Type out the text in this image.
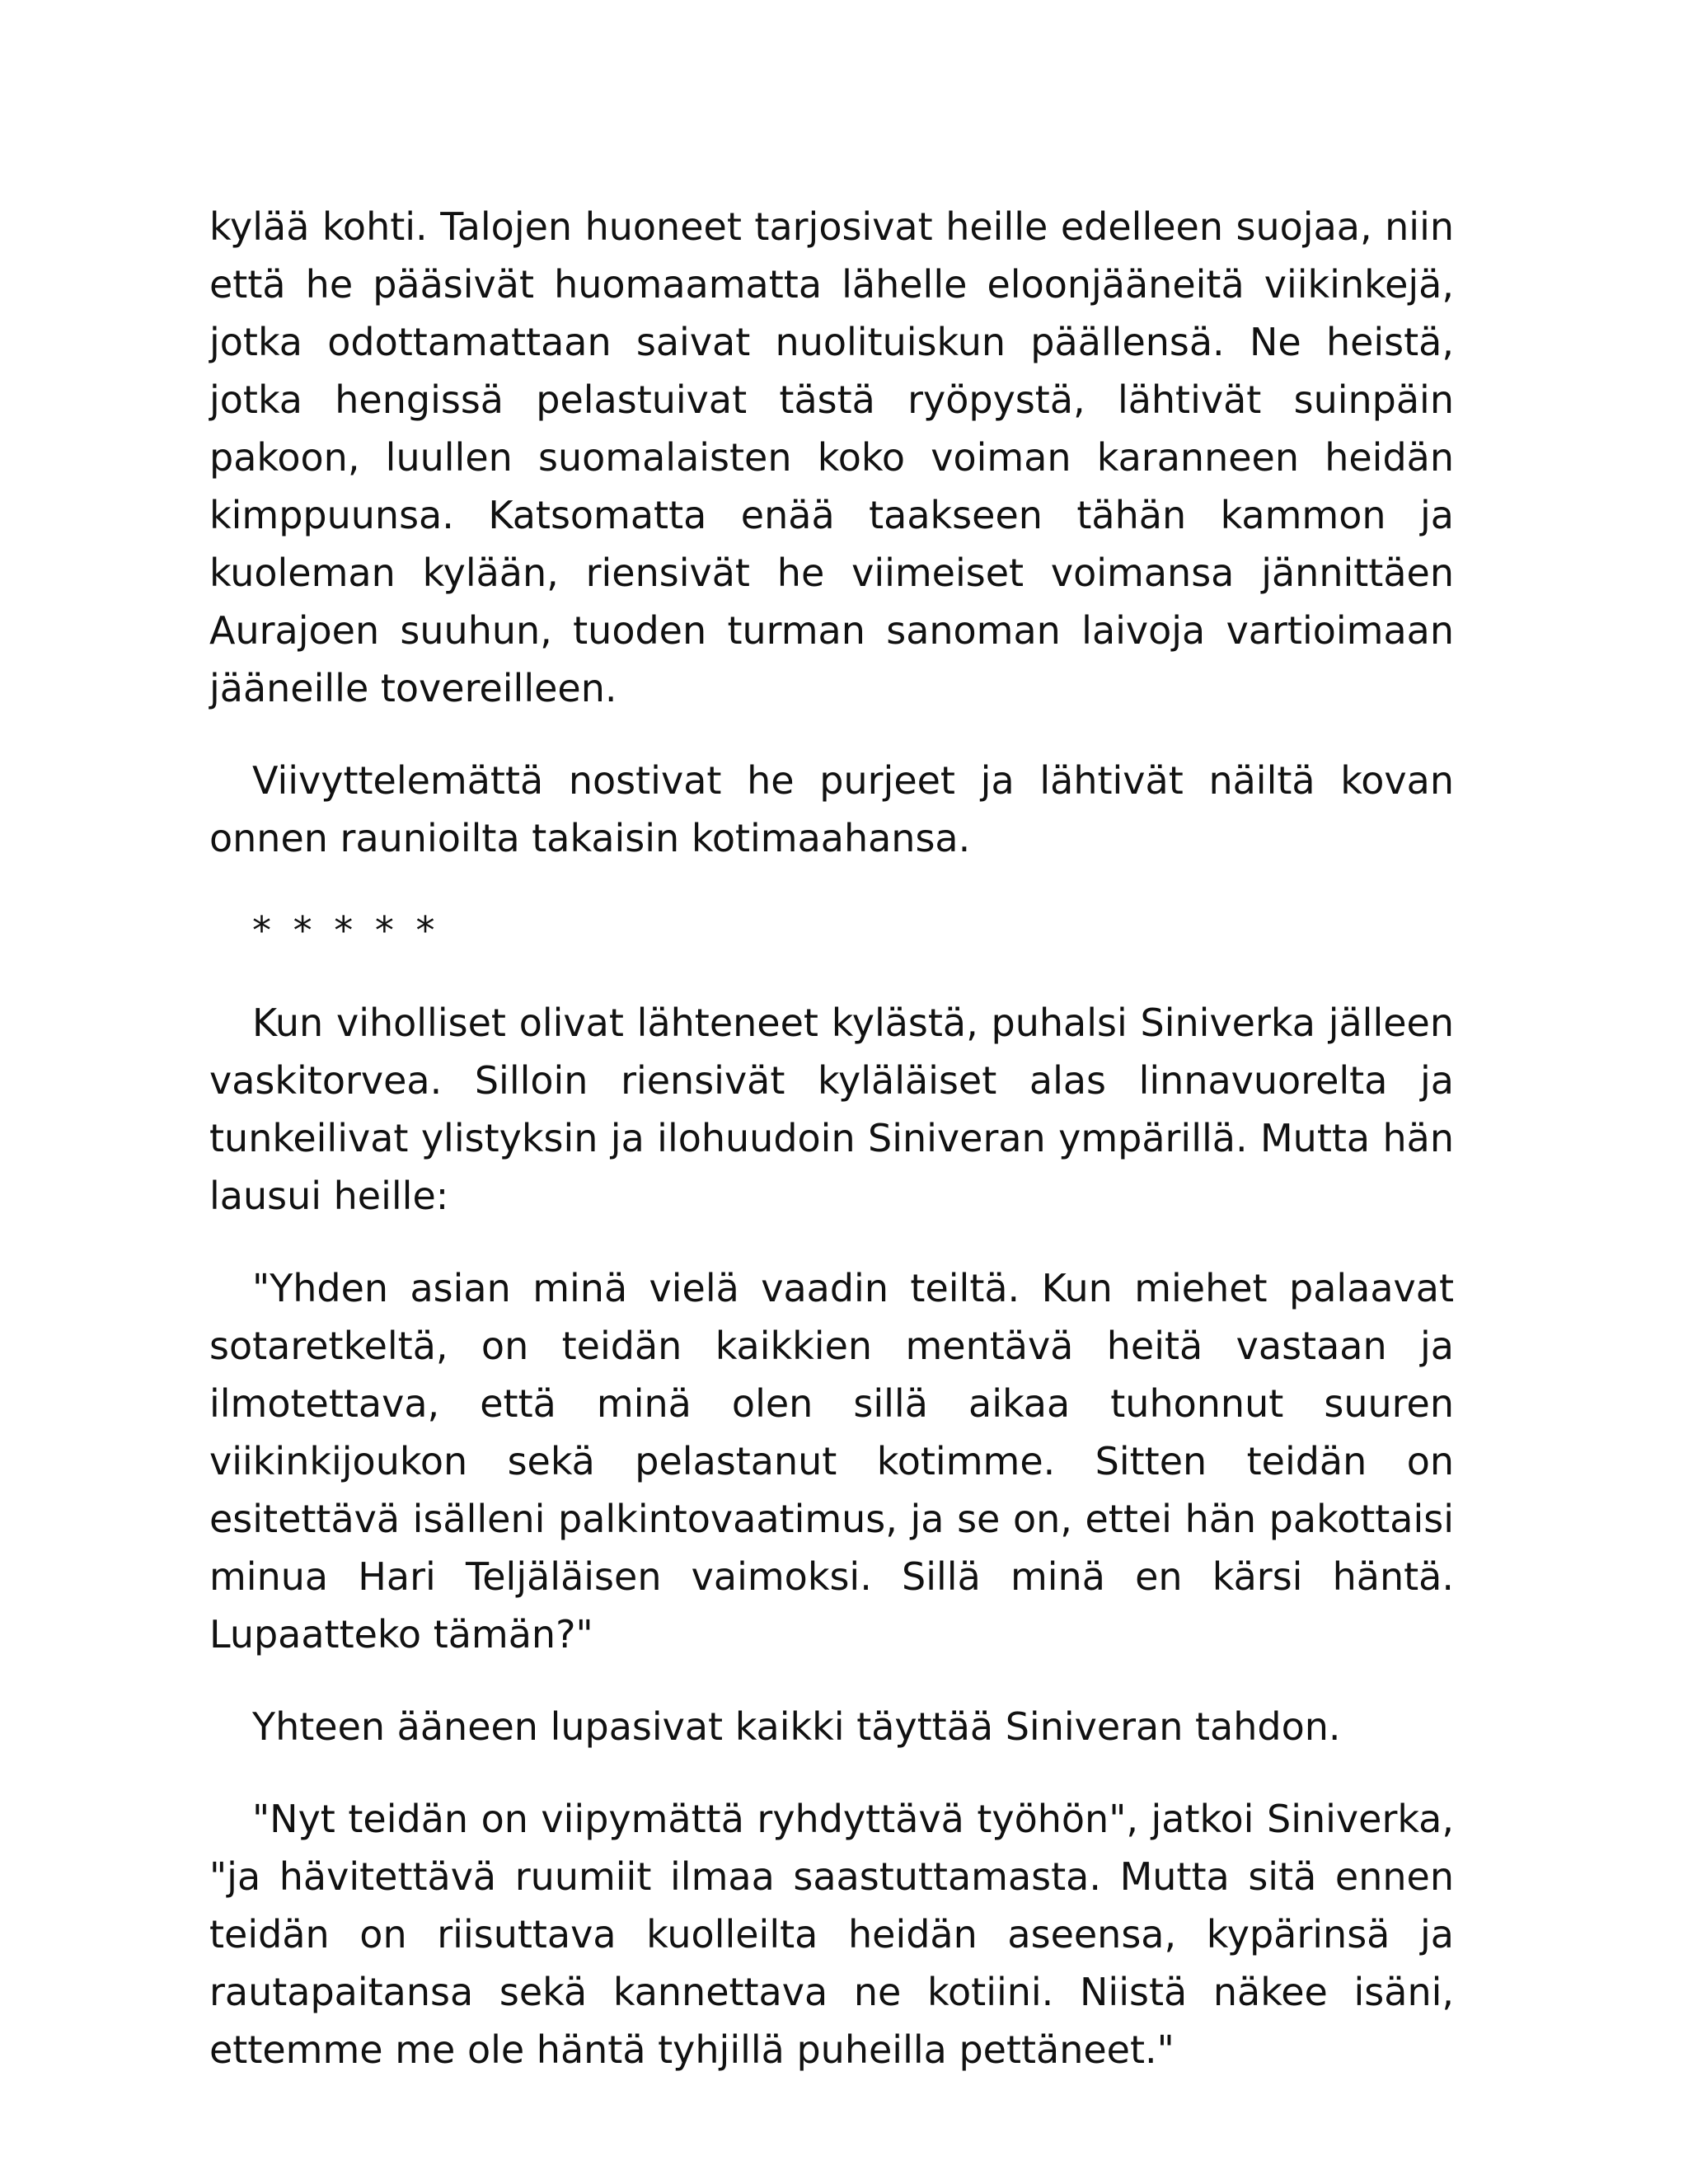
kylää kohti. Talojen huoneet tarjosivat heille edelleen suojaa, niin että he pääsivät huomaamatta lähelle eloonjääneitä viikinkejä, jotka odottamattaan saivat nuolituiskun päällensä. Ne heistä, jotka hengissä pelastuivat tästä ryöpystä, lähtivät suinpäin pakoon, luullen suomalaisten koko voiman karanneen heidän kimppuunsa. Katsomatta enää taakseen tähän kammon ja kuoleman kylään, riensivät he viimeiset voimansa jännittäen Aurajoen suuhun, tuoden turman sanoman laivoja vartioimaan jääneille tovereilleen.

Viivyttelemättä nostivat he purjeet ja lähtivät näiltä kovan onnen raunioilta takaisin kotimaahansa.

* * * * *

Kun viholliset olivat lähteneet kylästä, puhalsi Siniverka jälleen vaskitorvea. Silloin riensivät kyläläiset alas linnavuorelta ja tunkeilivat ylistyksin ja ilohuudoin Siniveran ympärillä. Mutta hän lausui heille:

"Yhden asian minä vielä vaadin teiltä. Kun miehet palaavat sotaretkeltä, on teidän kaikkien mentävä heitä vastaan ja ilmotettava, että minä olen sillä aikaa tuhonnut suuren viikinkijoukon sekä pelastanut kotimme. Sitten teidän on esitettävä isälleni palkintovaatimus, ja se on, ettei hän pakottaisi minua Hari Teljäläisen vaimoksi. Sillä minä en kärsi häntä. Lupaatteko tämän?"

Yhteen ääneen lupasivat kaikki täyttää Siniveran tahdon.

"Nyt teidän on viipymättä ryhdyttävä työhön", jatkoi Siniverka, "ja hävitettävä ruumiit ilmaa saastuttamasta. Mutta sitä ennen teidän on riisuttava kuolleilta heidän aseensa, kypärinsä ja rautapaitansa sekä kannettava ne kotiini. Niistä näkee isäni, ettemme me ole häntä tyhjillä puheilla pettäneet."
